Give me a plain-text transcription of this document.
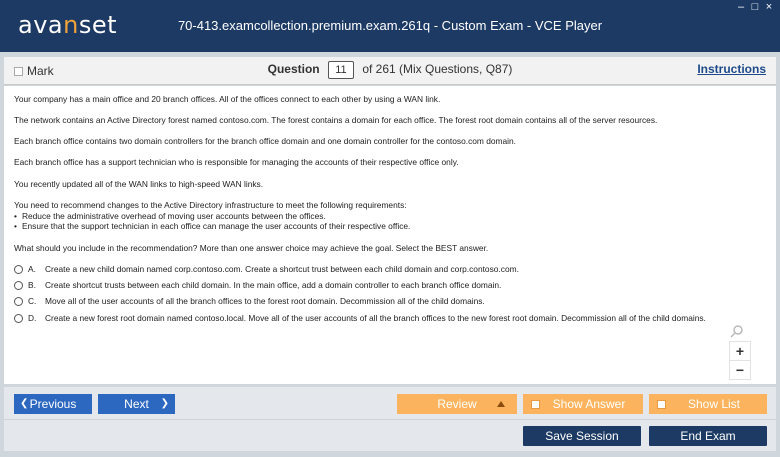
avanset	70-413.examcollection.premium.exam.261q - Custom Exam - VCE Player
– □ ×
Mark	Question 11 of 261 (Mix Questions, Q87)	Instructions
Your company has a main office and 20 branch offices. All of the offices connect to each other by using a WAN link.
The network contains an Active Directory forest named contoso.com. The forest contains a domain for each office. The forest root domain contains all of the server resources.
Each branch office contains two domain controllers for the branch office domain and one domain controller for the contoso.com domain.
Each branch office has a support technician who is responsible for managing the accounts of their respective office only.
You recently updated all of the WAN links to high-speed WAN links.
You need to recommend changes to the Active Directory infrastructure to meet the following requirements:
• Reduce the administrative overhead of moving user accounts between the offices.
• Ensure that the support technician in each office can manage the user accounts of their respective office.
What should you include in the recommendation? More than one answer choice may achieve the goal. Select the BEST answer.
A.	Create a new child domain named corp.contoso.com. Create a shortcut trust between each child domain and corp.contoso.com.
B.	Create shortcut trusts between each child domain. In the main office, add a domain controller to each branch office domain.
C.	Move all of the user accounts of all the branch offices to the forest root domain. Decommission all of the child domains.
D.	Create a new forest root domain named contoso.local. Move all of the user accounts of all the branch offices to the new forest root domain. Decommission all of the child domains.
+
−
❮ Previous	Next ❯	Review	Show Answer	Show List
Save Session	End Exam
